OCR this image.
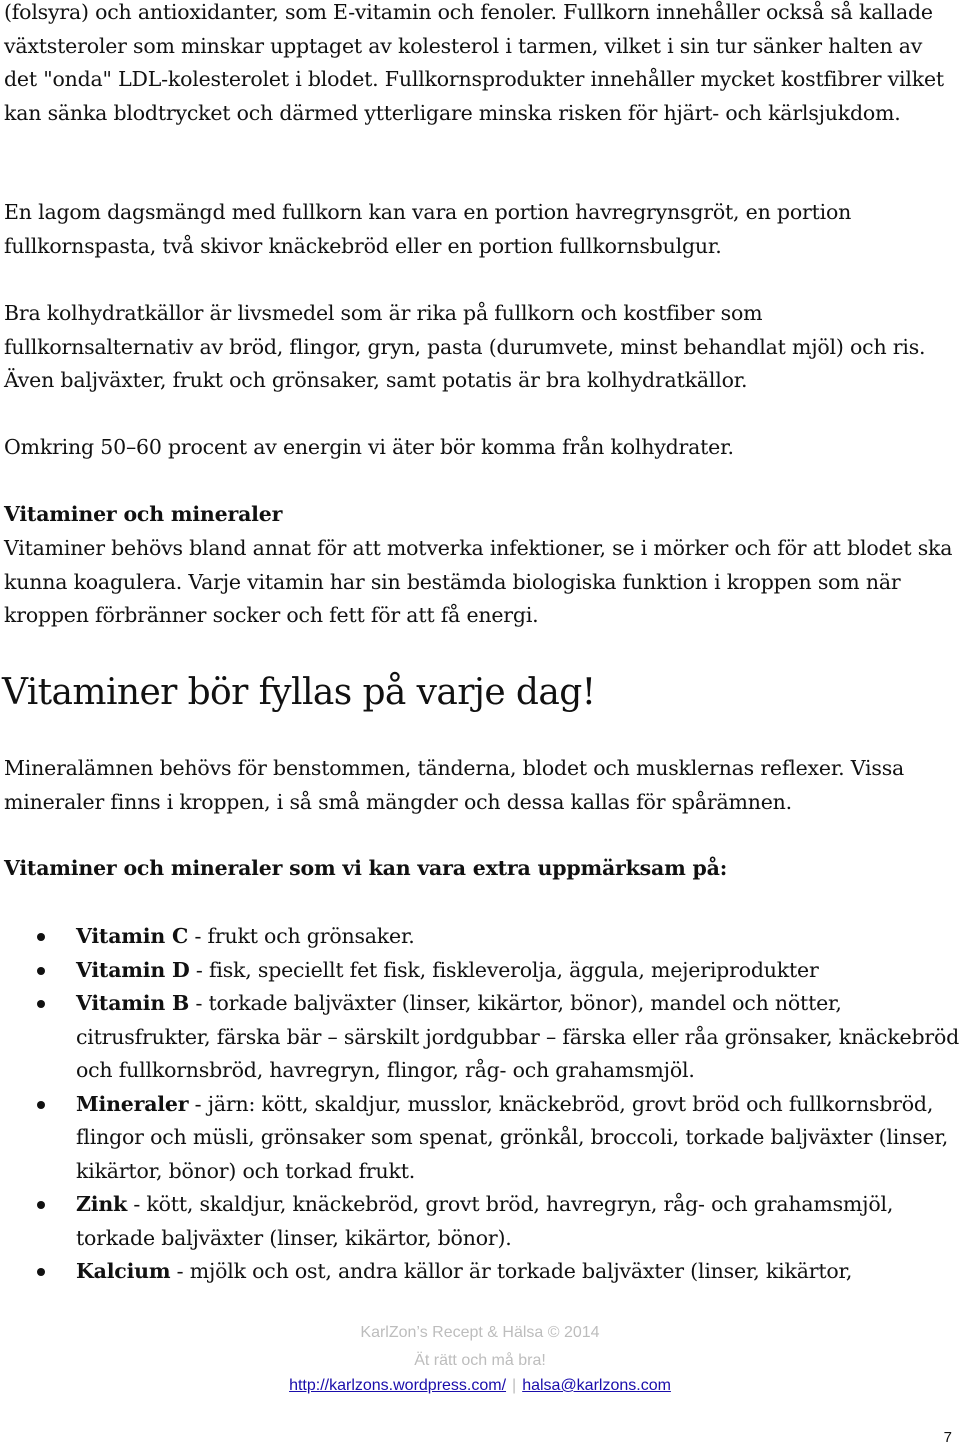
(folsyra) och antioxidanter, som E-vitamin och fenoler. Fullkorn innehåller också så kallade växtsteroler som minskar upptaget av kolesterol i tarmen, vilket i sin tur sänker halten av det "onda" LDL-kolesterolet i blodet. Fullkornsprodukter innehåller mycket kostfibrer vilket kan sänka blodtrycket och därmed ytterligare minska risken för hjärt- och kärlsjukdom.

En lagom dagsmängd med fullkorn kan vara en portion havregrynsgröt, en portion fullkornspasta, två skivor knäckebröd eller en portion fullkornsbulgur.

Bra kolhydratkällor är livsmedel som är rika på fullkorn och kostfiber som fullkornsalternativ av bröd, flingor, gryn, pasta (durumvete, minst behandlat mjöl) och ris. Även baljväxter, frukt och grönsaker, samt potatis är bra kolhydratkällor.

Omkring 50–60 procent av energin vi äter bör komma från kolhydrater.

Vitaminer och mineraler

Vitaminer behövs bland annat för att motverka infektioner, se i mörker och för att blodet ska kunna koagulera. Varje vitamin har sin bestämda biologiska funktion i kroppen som när kroppen förbränner socker och fett för att få energi.

Vitaminer bör fyllas på varje dag!

Mineralämnen behövs för benstommen, tänderna, blodet och musklernas reflexer. Vissa mineraler finns i kroppen, i så små mängder och dessa kallas för spårämnen.

Vitaminer och mineraler som vi kan vara extra uppmärksam på:
Vitamin C - frukt och grönsaker.
Vitamin D - fisk, speciellt fet fisk, fiskleverolja, äggula, mejeriprodukter
Vitamin B - torkade baljväxter (linser, kikärtor, bönor), mandel och nötter, citrusfrukter, färska bär – särskilt jordgubbar – färska eller råa grönsaker, knäckebröd och fullkornsbröd, havregryn, flingor, råg- och grahamsmjöl.
Mineraler - järn: kött, skaldjur, musslor, knäckebröd, grovt bröd och fullkornsbröd, flingor och müsli, grönsaker som spenat, grönkål, broccoli, torkade baljväxter (linser, kikärtor, bönor) och torkad frukt.
Zink - kött, skaldjur, knäckebröd, grovt bröd, havregryn, råg- och grahamsmjöl, torkade baljväxter (linser, kikärtor, bönor).
Kalcium - mjölk och ost, andra källor är torkade baljväxter (linser, kikärtor,
KarlZon’s Recept & Hälsa © 2014
Ät rätt och må bra!
http://karlzons.wordpress.com/ | halsa@karlzons.com
7
